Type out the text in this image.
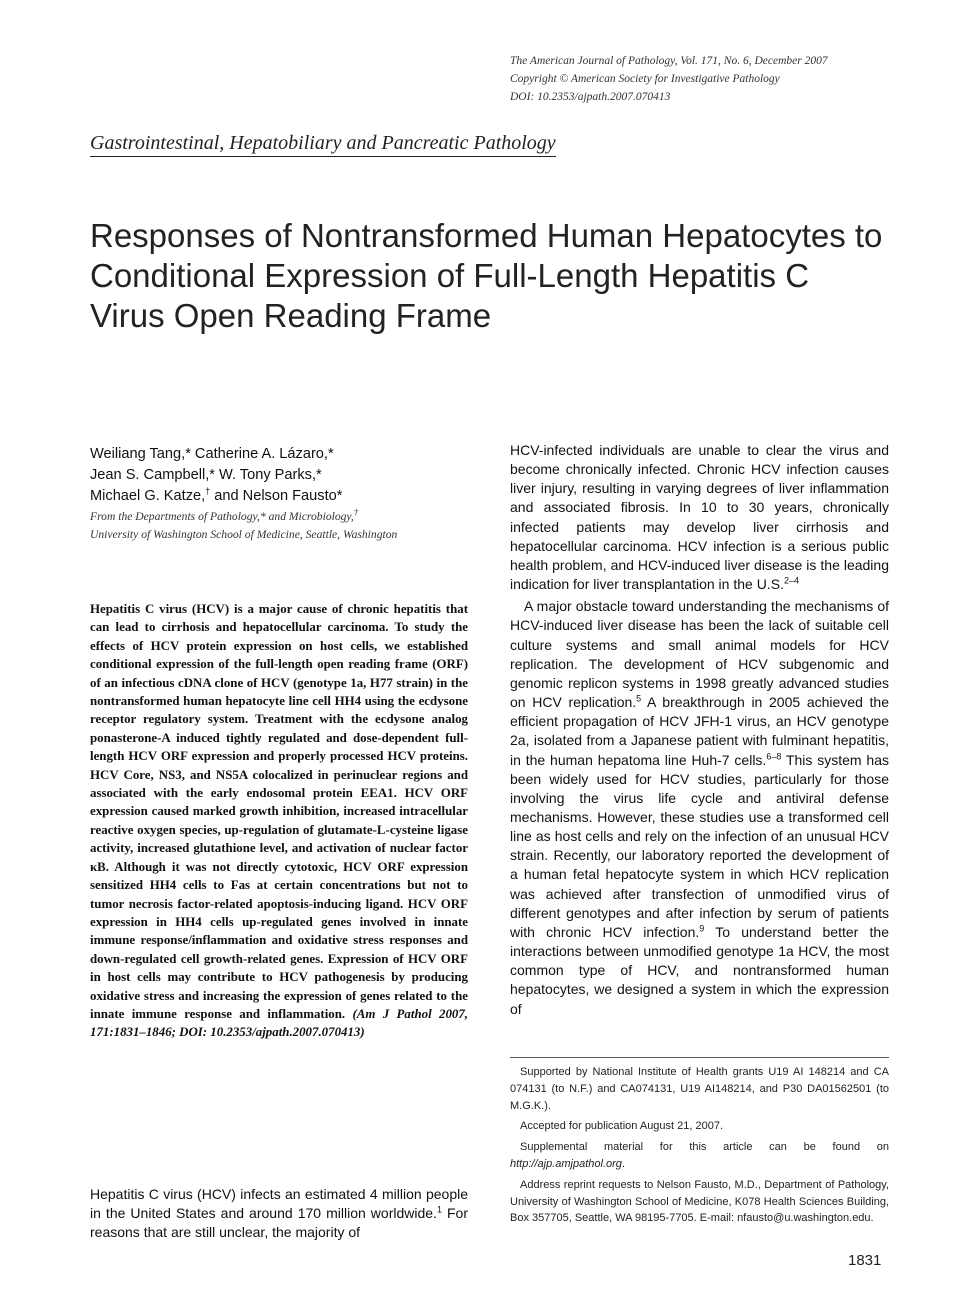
The American Journal of Pathology, Vol. 171, No. 6, December 2007
Copyright © American Society for Investigative Pathology
DOI: 10.2353/ajpath.2007.070413
Gastrointestinal, Hepatobiliary and Pancreatic Pathology
Responses of Nontransformed Human Hepatocytes to Conditional Expression of Full-Length Hepatitis C Virus Open Reading Frame
Weiliang Tang,* Catherine A. Lázaro,*
Jean S. Campbell,* W. Tony Parks,*
Michael G. Katze,† and Nelson Fausto*
From the Departments of Pathology,* and Microbiology,†
University of Washington School of Medicine, Seattle, Washington

Hepatitis C virus (HCV) is a major cause of chronic hepatitis that can lead to cirrhosis and hepatocellular carcinoma. To study the effects of HCV protein expression on host cells, we established conditional expression of the full-length open reading frame (ORF) of an infectious cDNA clone of HCV (genotype 1a, H77 strain) in the nontransformed human hepatocyte line cell HH4 using the ecdysone receptor regulatory system. Treatment with the ecdysone analog ponasterone-A induced tightly regulated and dose-dependent full-length HCV ORF expression and properly processed HCV proteins. HCV Core, NS3, and NS5A colocalized in perinuclear regions and associated with the early endosomal protein EEA1. HCV ORF expression caused marked growth inhibition, increased intracellular reactive oxygen species, up-regulation of glutamate-L-cysteine ligase activity, increased glutathione level, and activation of nuclear factor κB. Although it was not directly cytotoxic, HCV ORF expression sensitized HH4 cells to Fas at certain concentrations but not to tumor necrosis factor-related apoptosis-inducing ligand. HCV ORF expression in HH4 cells up-regulated genes involved in innate immune response/inflammation and oxidative stress responses and down-regulated cell growth-related genes. Expression of HCV ORF in host cells may contribute to HCV pathogenesis by producing oxidative stress and increasing the expression of genes related to the innate immune response and inflammation. (Am J Pathol 2007, 171:1831–1846; DOI: 10.2353/ajpath.2007.070413)

Hepatitis C virus (HCV) infects an estimated 4 million people in the United States and around 170 million worldwide.$^1$ For reasons that are still unclear, the majority of

HCV-infected individuals are unable to clear the virus and become chronically infected. Chronic HCV infection causes liver injury, resulting in varying degrees of liver inflammation and associated fibrosis. In 10 to 30 years, chronically infected patients may develop liver cirrhosis and hepatocellular carcinoma. HCV infection is a serious public health problem, and HCV-induced liver disease is the leading indication for liver transplantation in the U.S.$^{2-4}$

A major obstacle toward understanding the mechanisms of HCV-induced liver disease has been the lack of suitable cell culture systems and small animal models for HCV replication. The development of HCV subgenomic and genomic replicon systems in 1998 greatly advanced studies on HCV replication.$^5$ A breakthrough in 2005 achieved the efficient propagation of HCV JFH-1 virus, an HCV genotype 2a, isolated from a Japanese patient with fulminant hepatitis, in the human hepatoma line Huh-7 cells.$^{6-8}$ This system has been widely used for HCV studies, particularly for those involving the virus life cycle and antiviral defense mechanisms. However, these studies use a transformed cell line as host cells and rely on the infection of an unusual HCV strain. Recently, our laboratory reported the development of a human fetal hepatocyte system in which HCV replication was achieved after transfection of unmodified virus of different genotypes and after infection by serum of patients with chronic HCV infection.$^9$ To understand better the interactions between unmodified genotype 1a HCV, the most common type of HCV, and nontransformed human hepatocytes, we designed a system in which the expression of

Supported by National Institute of Health grants U19 AI 148214 and CA 074131 (to N.F.) and CA074131, U19 AI148214, and P30 DA01562501 (to M.G.K.).

Accepted for publication August 21, 2007.

Supplemental material for this article can be found on http://ajp.amjpathol.org.

Address reprint requests to Nelson Fausto, M.D., Department of Pathology, University of Washington School of Medicine, K078 Health Sciences Building, Box 357705, Seattle, WA 98195-7705. E-mail: nfausto@u.washington.edu.

1831
